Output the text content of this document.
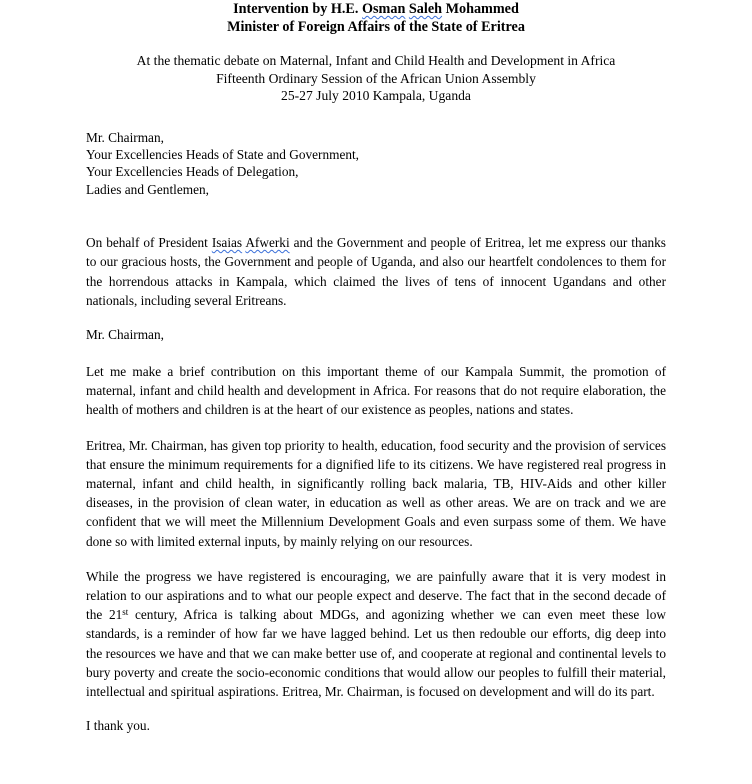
Intervention by H.E. Osman Saleh Mohammed
Minister of Foreign Affairs of the State of Eritrea
At the thematic debate on Maternal, Infant and Child Health and Development in Africa
Fifteenth Ordinary Session of the African Union Assembly
25-27 July 2010 Kampala, Uganda
Mr. Chairman,
Your Excellencies Heads of State and Government,
Your Excellencies Heads of Delegation,
Ladies and Gentlemen,

On behalf of President Isaias Afwerki and the Government and people of Eritrea, let me express our thanks to our gracious hosts, the Government and people of Uganda, and also our heartfelt condolences to them for the horrendous attacks in Kampala, which claimed the lives of tens of innocent Ugandans and other nationals, including several Eritreans.

Mr. Chairman,

Let me make a brief contribution on this important theme of our Kampala Summit, the promotion of maternal, infant and child health and development in Africa. For reasons that do not require elaboration, the health of mothers and children is at the heart of our existence as peoples, nations and states.

Eritrea, Mr. Chairman, has given top priority to health, education, food security and the provision of services that ensure the minimum requirements for a dignified life to its citizens. We have registered real progress in maternal, infant and child health, in significantly rolling back malaria, TB, HIV-Aids and other killer diseases, in the provision of clean water, in education as well as other areas. We are on track and we are confident that we will meet the Millennium Development Goals and even surpass some of them. We have done so with limited external inputs, by mainly relying on our resources.

While the progress we have registered is encouraging, we are painfully aware that it is very modest in relation to our aspirations and to what our people expect and deserve. The fact that in the second decade of the 21st century, Africa is talking about MDGs, and agonizing whether we can even meet these low standards, is a reminder of how far we have lagged behind. Let us then redouble our efforts, dig deep into the resources we have and that we can make better use of, and cooperate at regional and continental levels to bury poverty and create the socio-economic conditions that would allow our peoples to fulfill their material, intellectual and spiritual aspirations. Eritrea, Mr. Chairman, is focused on development and will do its part.

I thank you.
